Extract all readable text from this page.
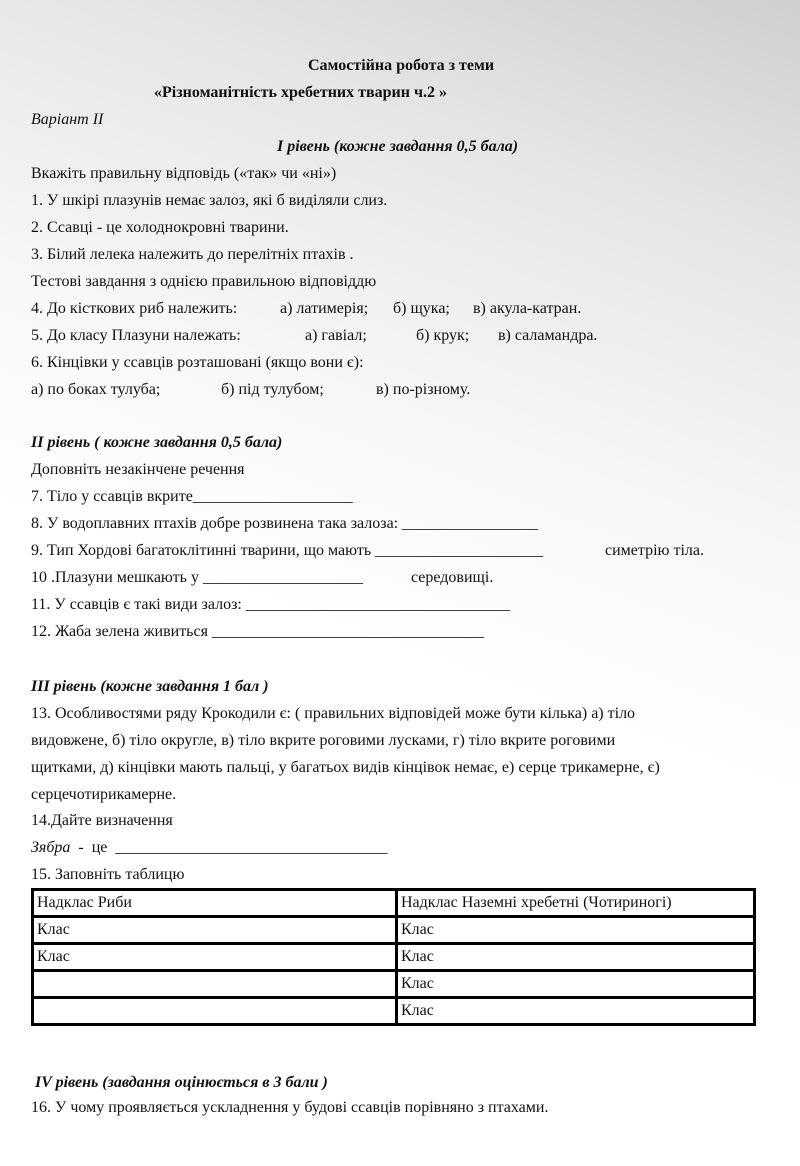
Самостійна робота з теми
«Різноманітність хребетних тварин ч.2 »
Варіант ІІ
І рівень (кожне завдання 0,5 бала)
Вкажіть правильну відповідь («так» чи «ні»)
1. У шкірі плазунів немає залоз, які б виділяли слиз.
2. Ссавці - це холоднокровні тварини.
3. Білий лелека належить до перелітніх птахів .
Тестові завдання з однією правильною відповіддю
4. До кісткових риб належить:	а) латимерія; б) щука; в) акула-катран.
5. До класу Плазуни належать:	а) гавіал;	б) крук; в) саламандра.
6. Кінцівки у ссавців розташовані (якщо вони є):
а) по боках тулуба;	б) під тулубом;	в) по-різному.
ІІ рівень ( кожне завдання 0,5 бала)
Доповніть незакінчене речення
7. Тіло у ссавців вкрите____________________
8. У водоплавних птахів добре розвинена така залоза: _________________
9. Тип Хордові багатоклітинні тварини, що мають _____________________	симетрію тіла.
10 .Плазуни мешкають у ____________________	середовищі.
11. У ссавців є такі види залоз: _________________________________
12. Жаба зелена живиться __________________________________
ІІІ рівень (кожне завдання 1 бал )
13. Особливостями ряду Крокодили є: ( правильних відповідей може бути кілька) а) тіло
видовжене, б) тіло округле, в) тіло вкрите роговими лусками, г) тіло вкрите роговими
щитками, д) кінцівки мають пальці, у багатьох видів кінцівок немає, е) серце трикамерне, є)
серцечотирикамерне.
14.Дайте визначення
Зябра  -  це  __________________________________
15. Заповніть таблицю
Надклас Риби	Надклас Наземні хребетні (Чотириногі)
Клас	Клас
Клас	Клас
	Клас
	Клас
ІV рівень (завдання оцінюється в 3 бали )
16. У чому проявляється ускладнення у будові ссавців порівняно з птахами.
